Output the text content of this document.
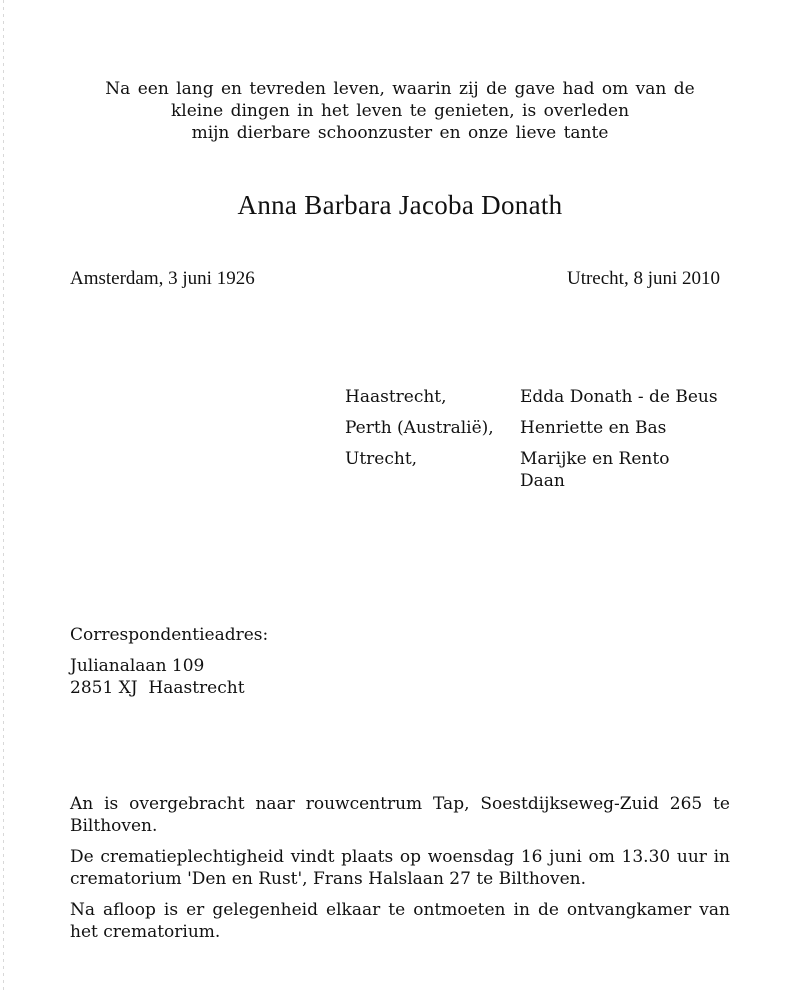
Na een lang en tevreden leven, waarin zij de gave had om van de
kleine dingen in het leven te genieten, is overleden
mijn dierbare schoonzuster en onze lieve tante
Anna Barbara Jacoba Donath
Amsterdam, 3 juni 1926	Utrecht, 8 juni 2010
Haastrecht,	Edda Donath - de Beus
Perth (Australië),	Henriette en Bas
Utrecht,	Marijke en Rento
Daan
Correspondentieadres:
Julianalaan 109
2851 XJ  Haastrecht

An is overgebracht naar rouwcentrum Tap, Soestdijkseweg-Zuid 265 te Bilthoven.

De crematieplechtigheid vindt plaats op woensdag 16 juni om 13.30 uur in crematorium 'Den en Rust', Frans Halslaan 27 te Bilthoven.

Na afloop is er gelegenheid elkaar te ontmoeten in de ontvangkamer van het crematorium.
